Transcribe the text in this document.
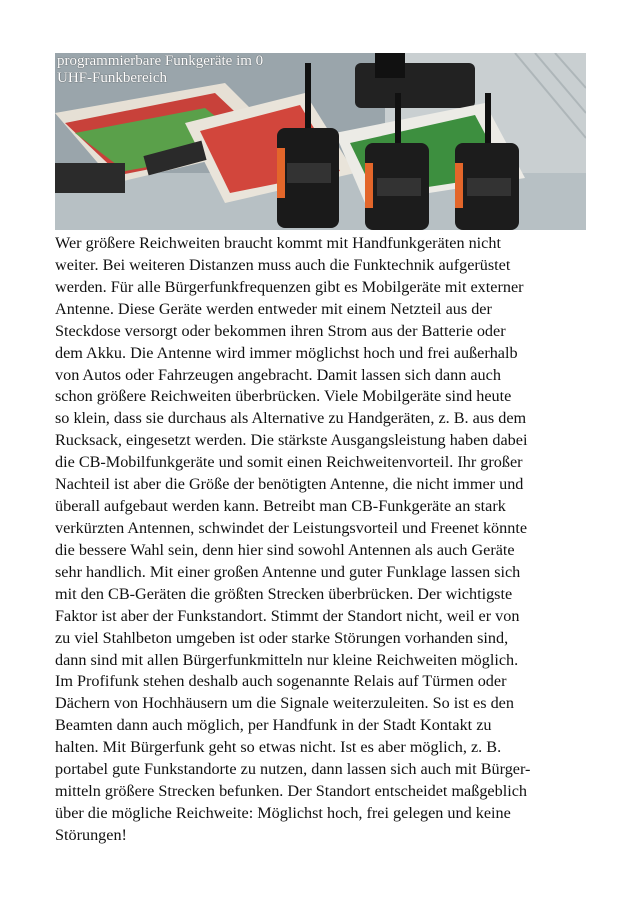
programmierbare Funkgeräte im 0
UHF-Funkbereich
Wer größere Reichweiten braucht kommt mit Handfunkgeräten nicht
weiter. Bei weiteren Distanzen muss auch die Funktechnik aufgerüstet
werden. Für alle Bürgerfunkfrequenzen gibt es Mobilgeräte mit externer
Antenne. Diese Geräte werden entweder mit einem Netzteil aus der
Steckdose versorgt oder bekommen ihren Strom aus der Batterie oder
dem Akku. Die Antenne wird immer möglichst hoch und frei außerhalb
von Autos oder Fahrzeugen angebracht. Damit lassen sich dann auch
schon größere Reichweiten überbrücken. Viele Mobilgeräte sind heute
so klein, dass sie durchaus als Alternative zu Handgeräten, z. B. aus dem
Rucksack, eingesetzt werden. Die stärkste Ausgangsleistung haben dabei
die CB-Mobilfunkgeräte und somit einen Reichweitenvorteil. Ihr großer
Nachteil ist aber die Größe der benötigten Antenne, die nicht immer und
überall aufgebaut werden kann. Betreibt man CB-Funkgeräte an stark
verkürzten Antennen, schwindet der Leistungsvorteil und Freenet könnte
die bessere Wahl sein, denn hier sind sowohl Antennen als auch Geräte
sehr handlich. Mit einer großen Antenne und guter Funklage lassen sich
mit den CB-Geräten die größten Strecken überbrücken. Der wichtigste
Faktor ist aber der Funkstandort. Stimmt der Standort nicht, weil er von
zu viel Stahlbeton umgeben ist oder starke Störungen vorhanden sind,
dann sind mit allen Bürgerfunkmitteln nur kleine Reichweiten möglich.
Im Profifunk stehen deshalb auch sogenannte Relais auf Türmen oder
Dächern von Hochhäusern um die Signale weiterzuleiten. So ist es den
Beamten dann auch möglich, per Handfunk in der Stadt Kontakt zu
halten. Mit Bürgerfunk geht so etwas nicht. Ist es aber möglich, z. B.
portabel gute Funkstandorte zu nutzen, dann lassen sich auch mit Bürger-
mitteln größere Strecken befunken. Der Standort entscheidet maßgeblich
über die mögliche Reichweite: Möglichst hoch, frei gelegen und keine
Störungen!
